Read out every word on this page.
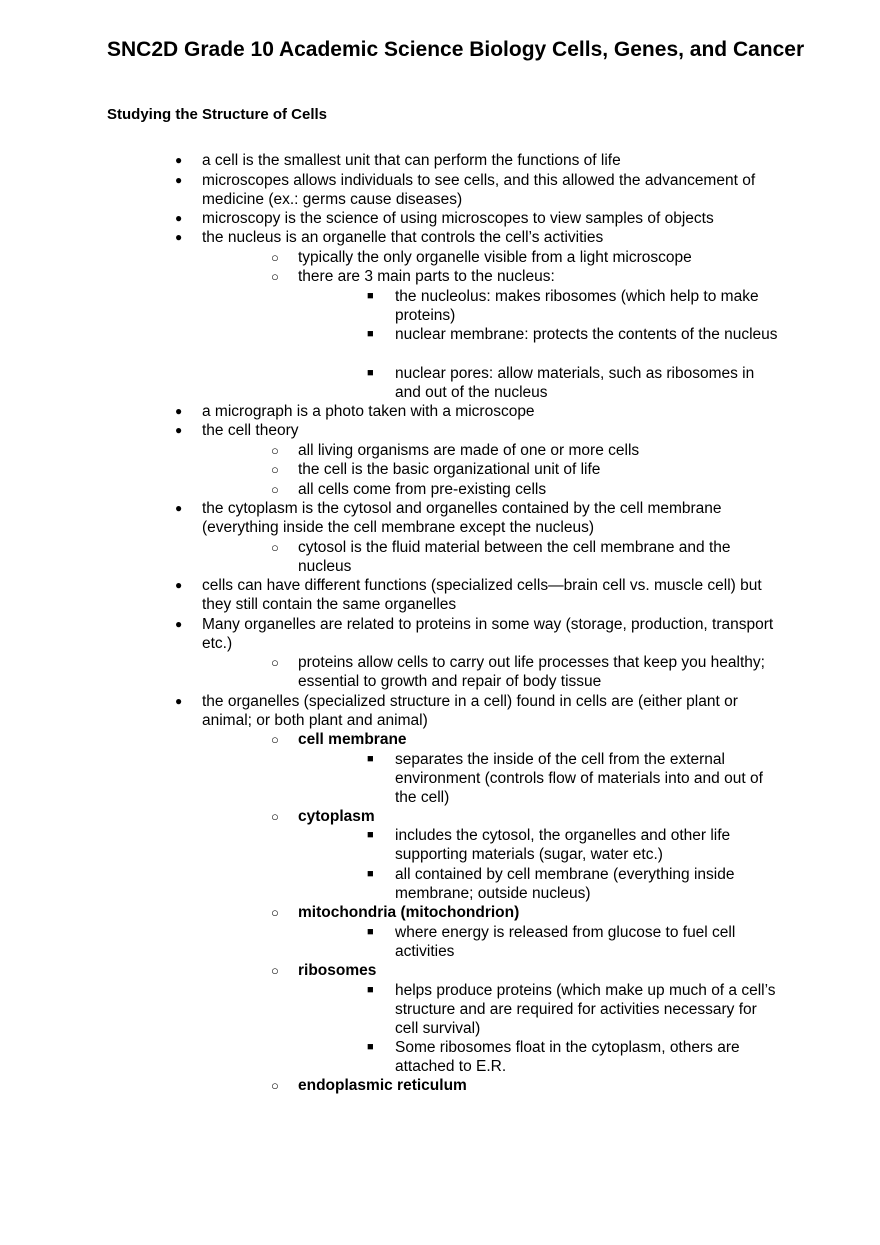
SNC2D Grade 10 Academic Science Biology Cells, Genes, and Cancer
Studying the Structure of Cells
● a cell is the smallest unit that can perform the functions of life
● microscopes allows individuals to see cells, and this allowed the advancement of medicine (ex.: germs cause diseases)
● microscopy is the science of using microscopes to view samples of objects
● the nucleus is an organelle that controls the cell’s activities
○ typically the only organelle visible from a light microscope
○ there are 3 main parts to the nucleus:
■ the nucleolus: makes ribosomes (which help to make proteins)
■ nuclear membrane: protects the contents of the nucleus
■ nuclear pores: allow materials, such as ribosomes in and out of the nucleus
● a micrograph is a photo taken with a microscope
● the cell theory
○ all living organisms are made of one or more cells
○ the cell is the basic organizational unit of life
○ all cells come from pre-existing cells
● the cytoplasm is the cytosol and organelles contained by the cell membrane (everything inside the cell membrane except the nucleus)
○ cytosol is the fluid material between the cell membrane and the nucleus
● cells can have different functions (specialized cells—brain cell vs. muscle cell) but they still contain the same organelles
● Many organelles are related to proteins in some way (storage, production, transport etc.)
○ proteins allow cells to carry out life processes that keep you healthy; essential to growth and repair of body tissue
● the organelles (specialized structure in a cell) found in cells are (either plant or animal; or both plant and animal)
○ cell membrane
■ separates the inside of the cell from the external environment (controls flow of materials into and out of the cell)
○ cytoplasm
■ includes the cytosol, the organelles and other life supporting materials (sugar, water etc.)
■ all contained by cell membrane (everything inside membrane; outside nucleus)
○ mitochondria (mitochondrion)
■ where energy is released from glucose to fuel cell activities
○ ribosomes
■ helps produce proteins (which make up much of a cell’s structure and are required for activities necessary for cell survival)
■ Some ribosomes float in the cytoplasm, others are attached to E.R.
○ endoplasmic reticulum
